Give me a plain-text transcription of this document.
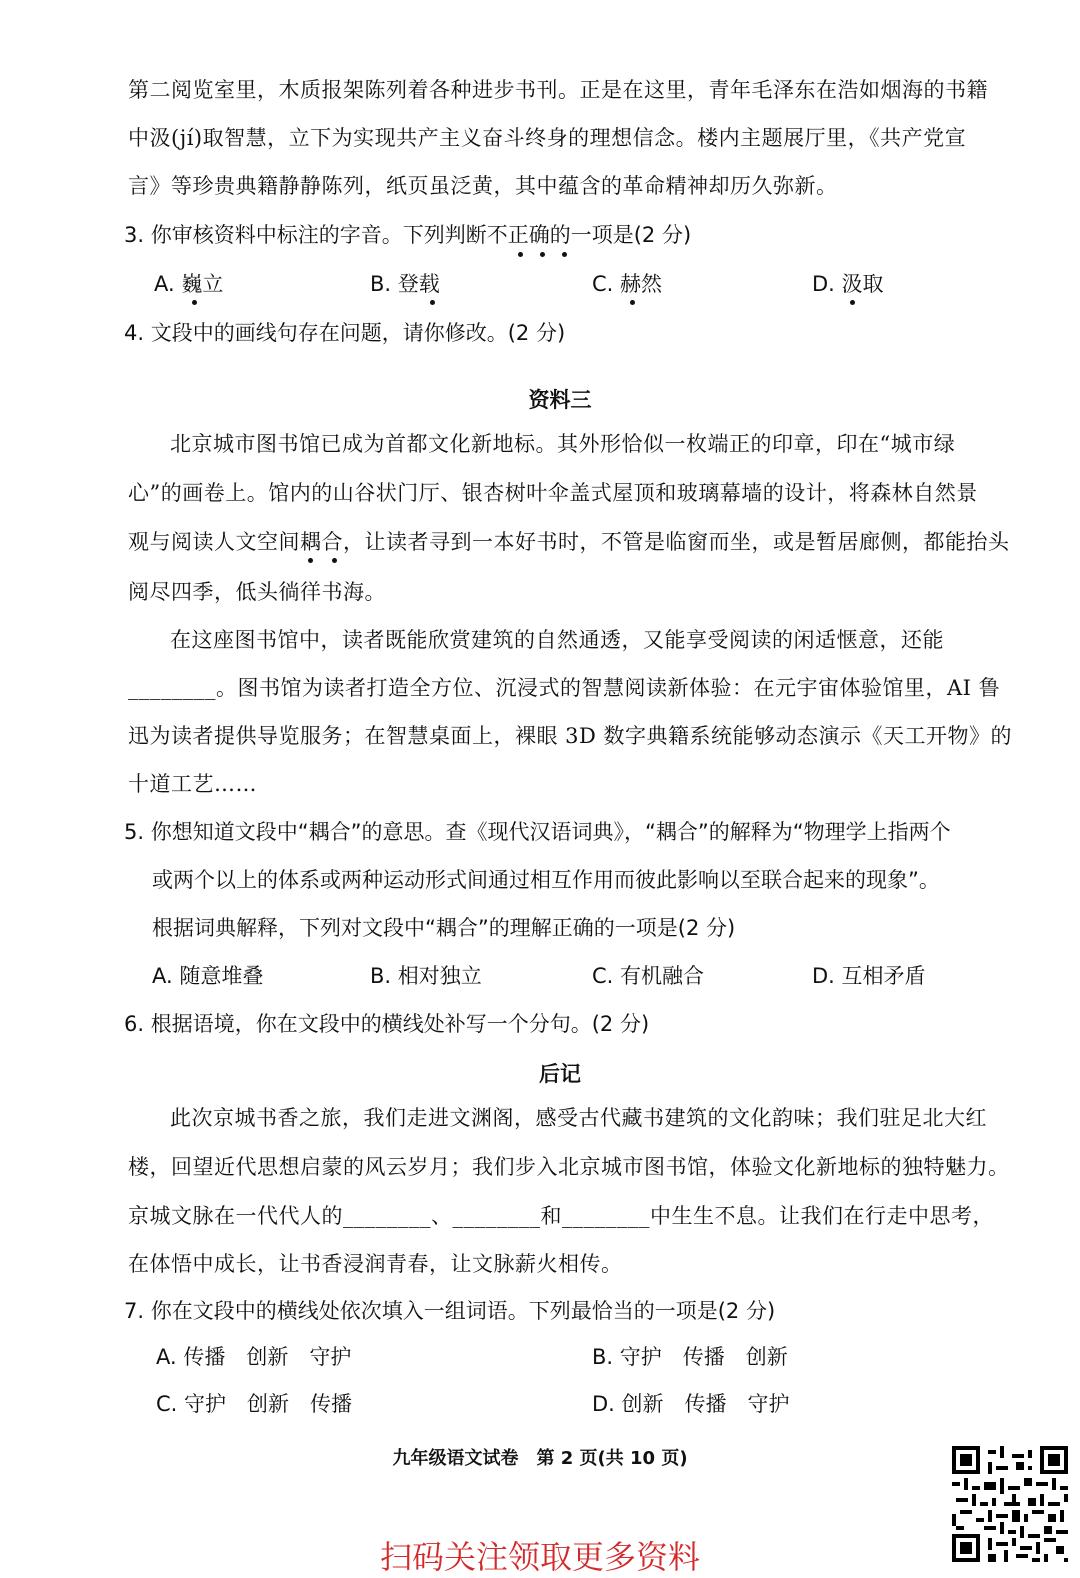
第二阅览室里，木质报架陈列着各种进步书刊。正是在这里，青年毛泽东在浩如烟海的书籍
中汲(jí)取智慧，立下为实现共产主义奋斗终身的理想信念。楼内主题展厅里，《共产党宣
言》等珍贵典籍静静陈列，纸页虽泛黄，其中蕴含的革命精神却历久弥新。
3. 你审核资料中标注的字音。下列判断不正确的一项是(2 分)
A. 巍立	B. 登载	C. 赫然	D. 汲取
4. 文段中的画线句存在问题，请你修改。(2 分)
资料三
北京城市图书馆已成为首都文化新地标。其外形恰似一枚端正的印章，印在“城市绿
心”的画卷上。馆内的山谷状门厅、银杏树叶伞盖式屋顶和玻璃幕墙的设计，将森林自然景
观与阅读人文空间耦合，让读者寻到一本好书时，不管是临窗而坐，或是暂居廊侧，都能抬头
阅尽四季，低头徜徉书海。
在这座图书馆中，读者既能欣赏建筑的自然通透，又能享受阅读的闲适惬意，还能
________。图书馆为读者打造全方位、沉浸式的智慧阅读新体验：在元宇宙体验馆里，AI 鲁
迅为读者提供导览服务；在智慧桌面上，裸眼 3D 数字典籍系统能够动态演示《天工开物》的
十道工艺……
5. 你想知道文段中“耦合”的意思。查《现代汉语词典》，“耦合”的解释为“物理学上指两个
或两个以上的体系或两种运动形式间通过相互作用而彼此影响以至联合起来的现象”。
根据词典解释，下列对文段中“耦合”的理解正确的一项是(2 分)
A. 随意堆叠	B. 相对独立	C. 有机融合	D. 互相矛盾
6. 根据语境，你在文段中的横线处补写一个分句。(2 分)
后记
此次京城书香之旅，我们走进文渊阁，感受古代藏书建筑的文化韵味；我们驻足北大红
楼，回望近代思想启蒙的风云岁月；我们步入北京城市图书馆，体验文化新地标的独特魅力。
京城文脉在一代代人的________、________和________中生生不息。让我们在行走中思考，
在体悟中成长，让书香浸润青春，让文脉薪火相传。
7. 你在文段中的横线处依次填入一组词语。下列最恰当的一项是(2 分)
A. 传播　创新　守护	B. 守护　传播　创新
C. 守护　创新　传播	D. 创新　传播　守护
九年级语文试卷　第 2 页(共 10 页)
扫码关注领取更多资料
